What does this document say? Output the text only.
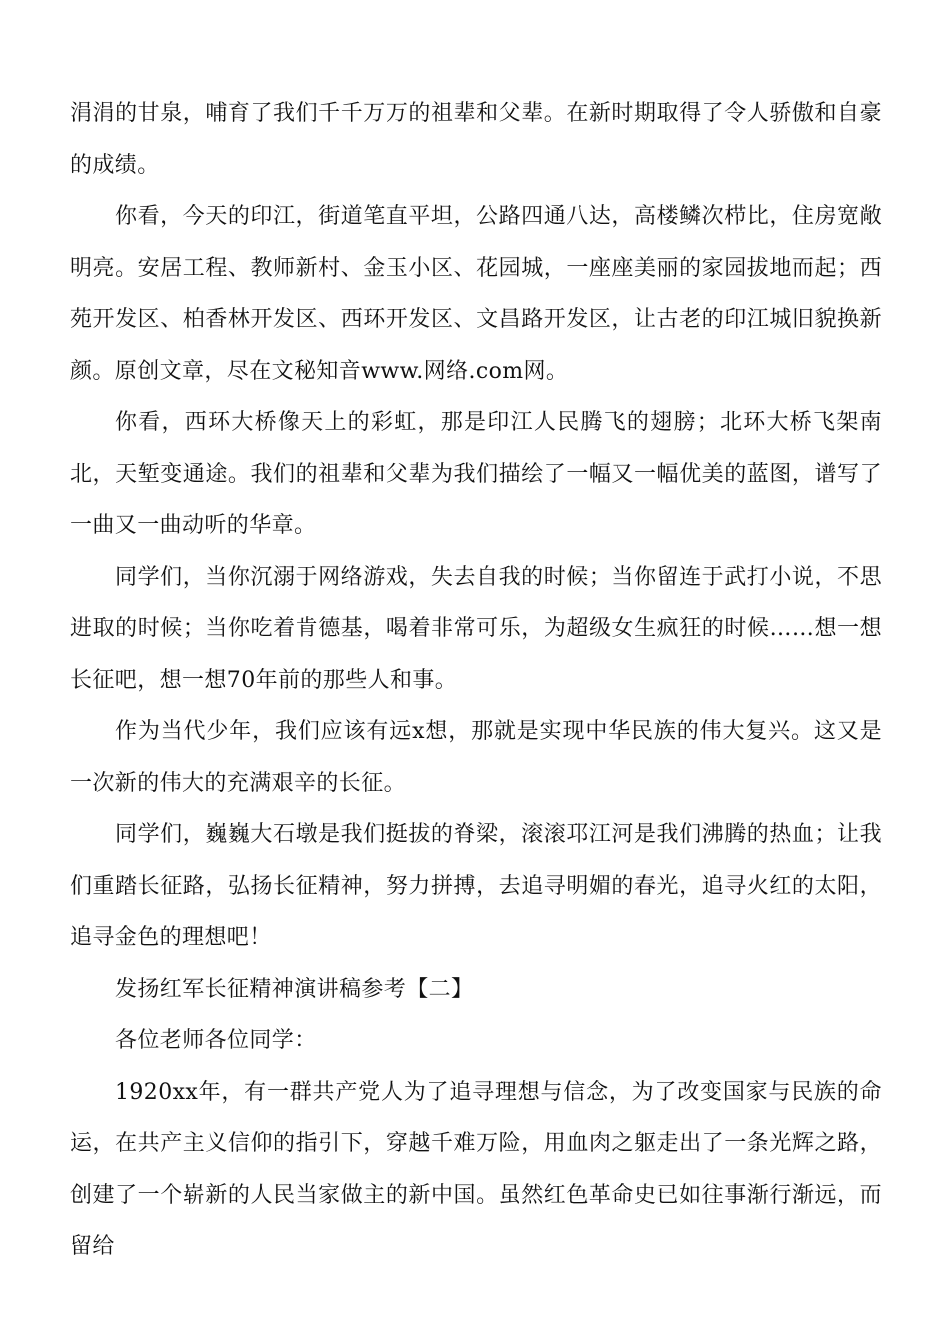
涓涓的甘泉，哺育了我们千千万万的祖辈和父辈。在新时期取得了令人骄傲和自豪的成绩。

你看，今天的印江，街道笔直平坦，公路四通八达，高楼鳞次栉比，住房宽敞明亮。安居工程、教师新村、金玉小区、花园城，一座座美丽的家园拔地而起；西苑开发区、柏香林开发区、西环开发区、文昌路开发区，让古老的印江城旧貌换新颜。原创文章，尽在文秘知音www.网络.com网。

你看，西环大桥像天上的彩虹，那是印江人民腾飞的翅膀；北环大桥飞架南北，天堑变通途。我们的祖辈和父辈为我们描绘了一幅又一幅优美的蓝图，谱写了一曲又一曲动听的华章。

同学们，当你沉溺于网络游戏，失去自我的时候；当你留连于武打小说，不思进取的时候；当你吃着肯德基，喝着非常可乐，为超级女生疯狂的时候……想一想长征吧，想一想70年前的那些人和事。

作为当代少年，我们应该有远x想，那就是实现中华民族的伟大复兴。这又是一次新的伟大的充满艰辛的长征。

同学们，巍巍大石墩是我们挺拔的脊梁，滚滚邛江河是我们沸腾的热血；让我们重踏长征路，弘扬长征精神，努力拼搏，去追寻明媚的春光，追寻火红的太阳，追寻金色的理想吧！

发扬红军长征精神演讲稿参考【二】

各位老师各位同学：

1920xx年，有一群共产党人为了追寻理想与信念，为了改变国家与民族的命运，在共产主义信仰的指引下，穿越千难万险，用血肉之躯走出了一条光辉之路，创建了一个崭新的人民当家做主的新中国。虽然红色革命史已如往事渐行渐远，而留给
